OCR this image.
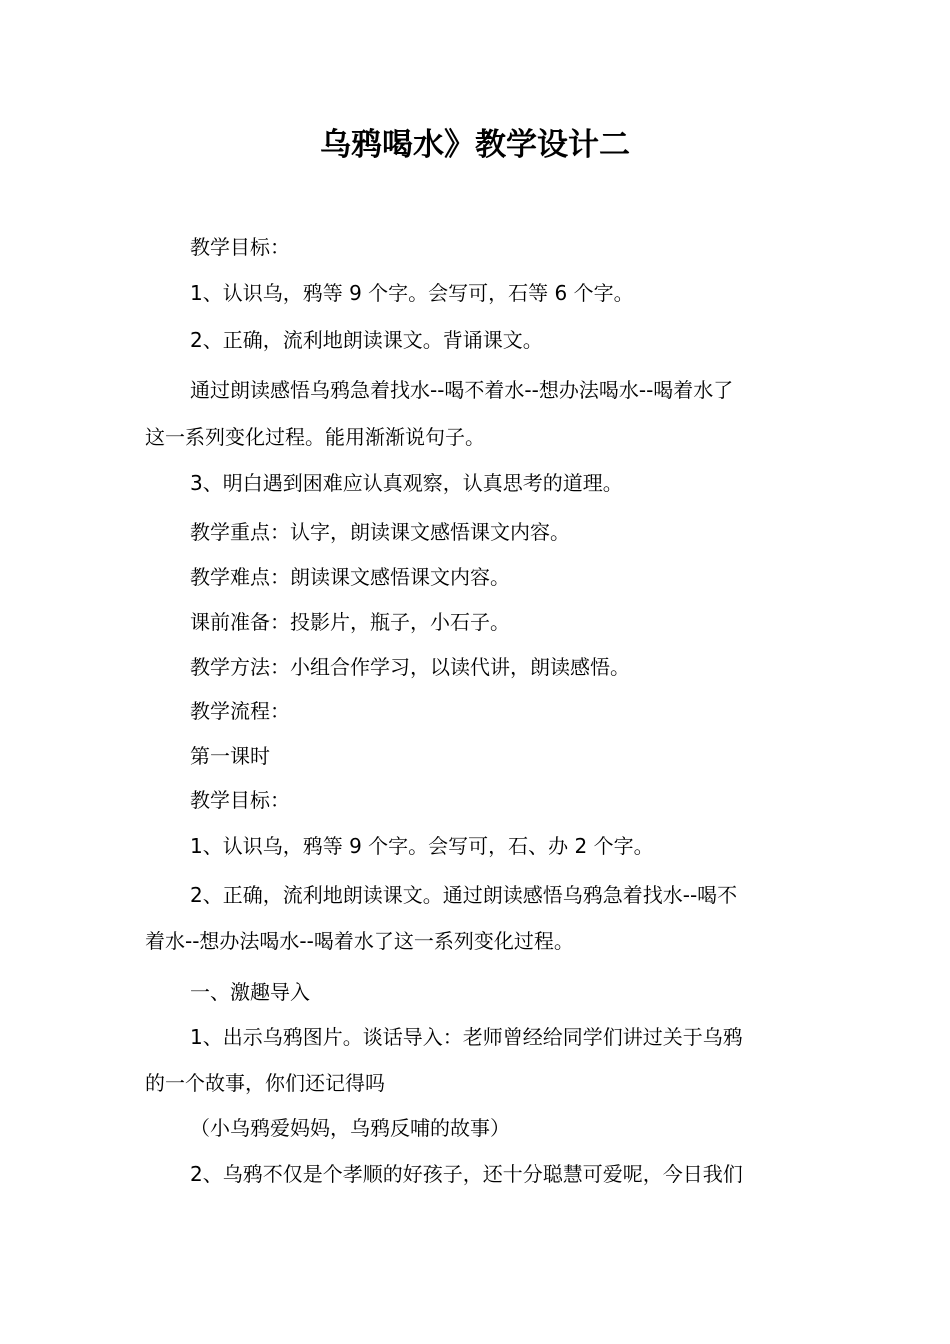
乌鸦喝水》教学设计二

教学目标：

1、认识乌，鸦等 9 个字。会写可，石等 6 个字。

2、正确，流利地朗读课文。背诵课文。

通过朗读感悟乌鸦急着找水--喝不着水--想办法喝水--喝着水了

这一系列变化过程。能用渐渐说句子。

3、明白遇到困难应认真观察，认真思考的道理。

教学重点：认字，朗读课文感悟课文内容。

教学难点：朗读课文感悟课文内容。

课前准备：投影片，瓶子，小石子。

教学方法：小组合作学习，以读代讲，朗读感悟。

教学流程：

第一课时

教学目标：

1、认识乌，鸦等 9 个字。会写可，石、办 2 个字。

2、正确，流利地朗读课文。通过朗读感悟乌鸦急着找水--喝不

着水--想办法喝水--喝着水了这一系列变化过程。

一、激趣导入

1、出示乌鸦图片。谈话导入：老师曾经给同学们讲过关于乌鸦

的一个故事，你们还记得吗

（小乌鸦爱妈妈，乌鸦反哺的故事）

2、乌鸦不仅是个孝顺的好孩子，还十分聪慧可爱呢，今日我们
